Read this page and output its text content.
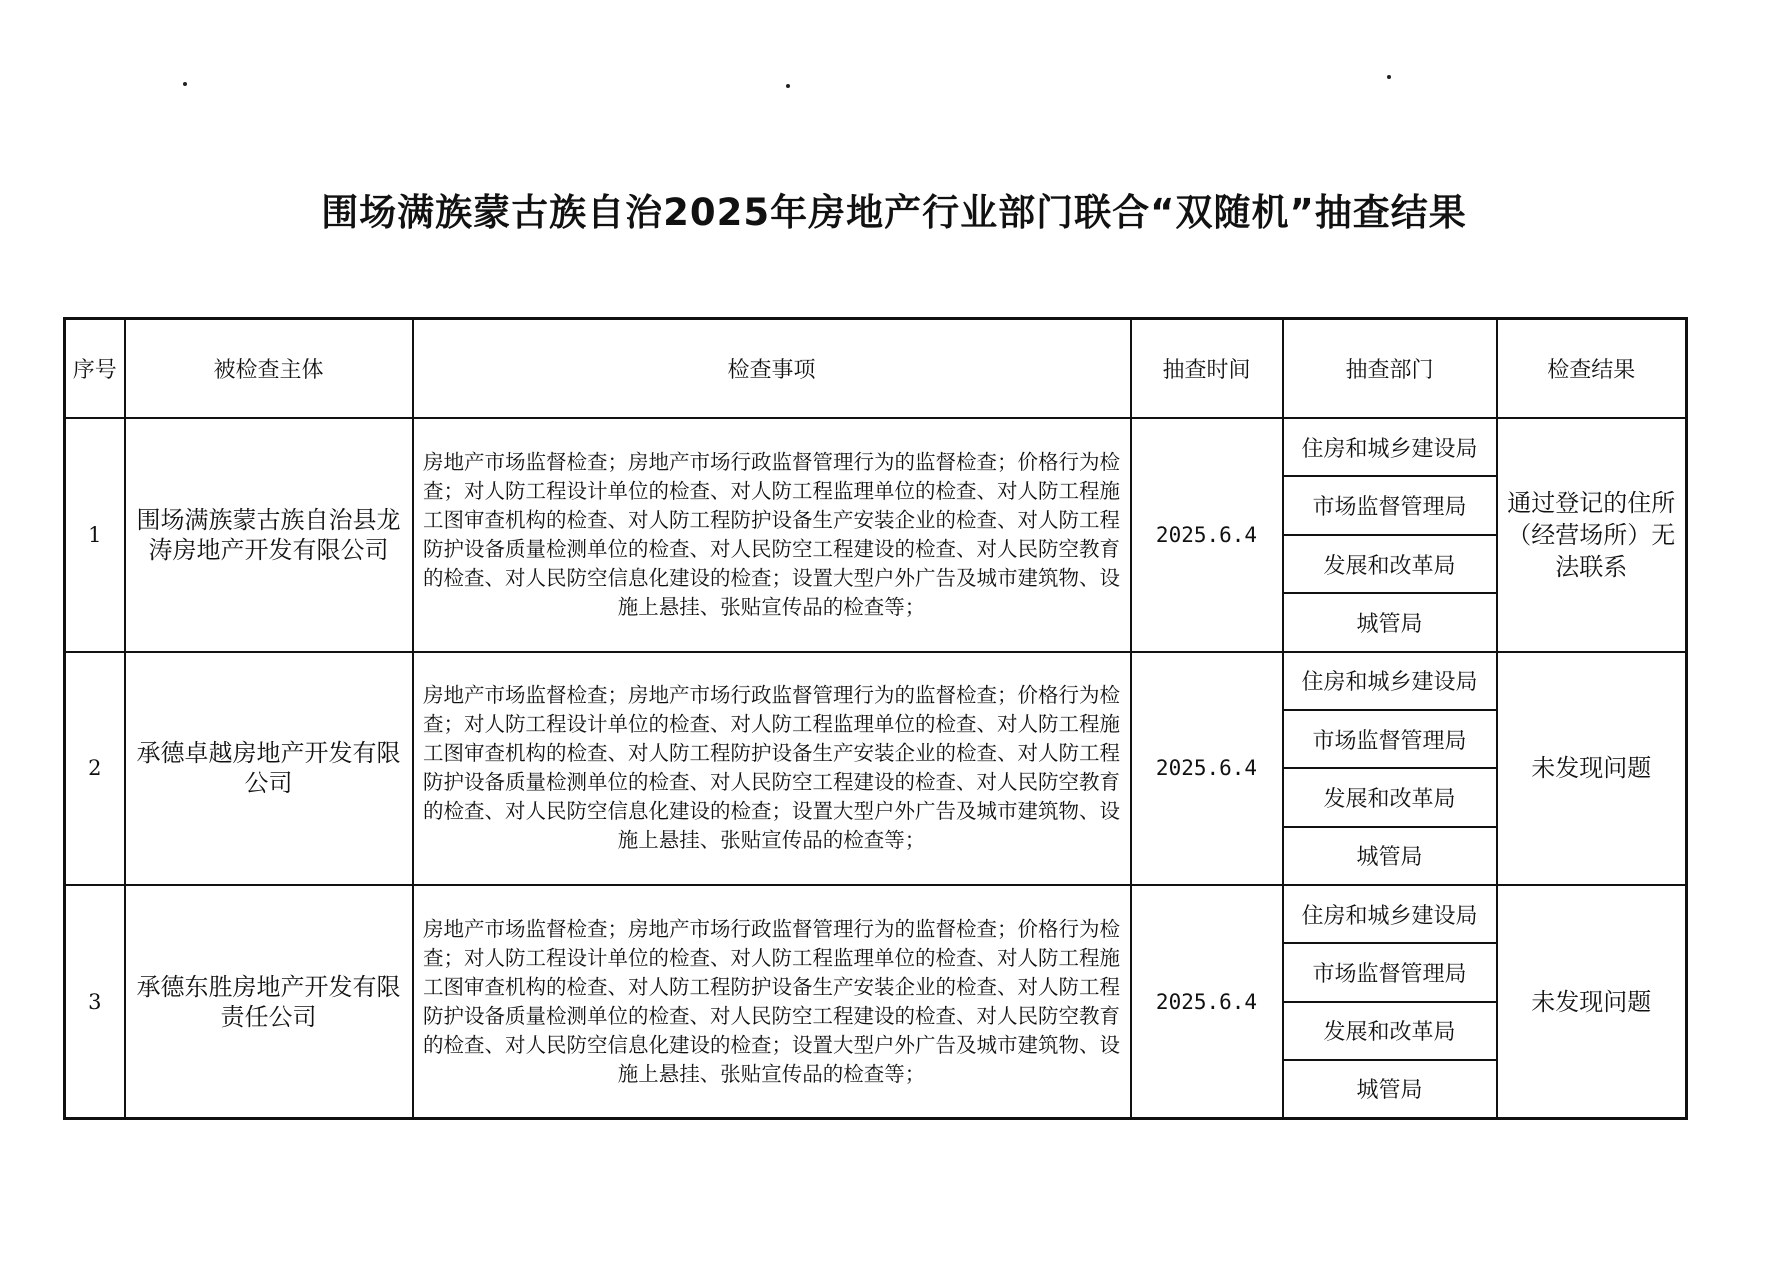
围场满族蒙古族自治2025年房地产行业部门联合“双随机”抽查结果
序号	被检查主体	检查事项	抽查时间	抽查部门	检查结果
1	围场满族蒙古族自治县龙涛房地产开发有限公司	房地产市场监督检查；房地产市场行政监督管理行为的监督检查；价格行为检查；对人防工程设计单位的检查、对人防工程监理单位的检查、对人防工程施工图审查机构的检查、对人防工程防护设备生产安装企业的检查、对人防工程防护设备质量检测单位的检查、对人民防空工程建设的检查、对人民防空教育的检查、对人民防空信息化建设的检查；设置大型户外广告及城市建筑物、设施上悬挂、张贴宣传品的检查等；	2025.6.4	住房和城乡建设局
市场监督管理局
发展和改革局
城管局	通过登记的住所（经营场所）无法联系
2	承德卓越房地产开发有限公司	房地产市场监督检查；房地产市场行政监督管理行为的监督检查；价格行为检查；对人防工程设计单位的检查、对人防工程监理单位的检查、对人防工程施工图审查机构的检查、对人防工程防护设备生产安装企业的检查、对人防工程防护设备质量检测单位的检查、对人民防空工程建设的检查、对人民防空教育的检查、对人民防空信息化建设的检查；设置大型户外广告及城市建筑物、设施上悬挂、张贴宣传品的检查等；	2025.6.4	住房和城乡建设局
市场监督管理局
发展和改革局
城管局	未发现问题
3	承德东胜房地产开发有限责任公司	房地产市场监督检查；房地产市场行政监督管理行为的监督检查；价格行为检查；对人防工程设计单位的检查、对人防工程监理单位的检查、对人防工程施工图审查机构的检查、对人防工程防护设备生产安装企业的检查、对人防工程防护设备质量检测单位的检查、对人民防空工程建设的检查、对人民防空教育的检查、对人民防空信息化建设的检查；设置大型户外广告及城市建筑物、设施上悬挂、张贴宣传品的检查等；	2025.6.4	住房和城乡建设局
市场监督管理局
发展和改革局
城管局	未发现问题
